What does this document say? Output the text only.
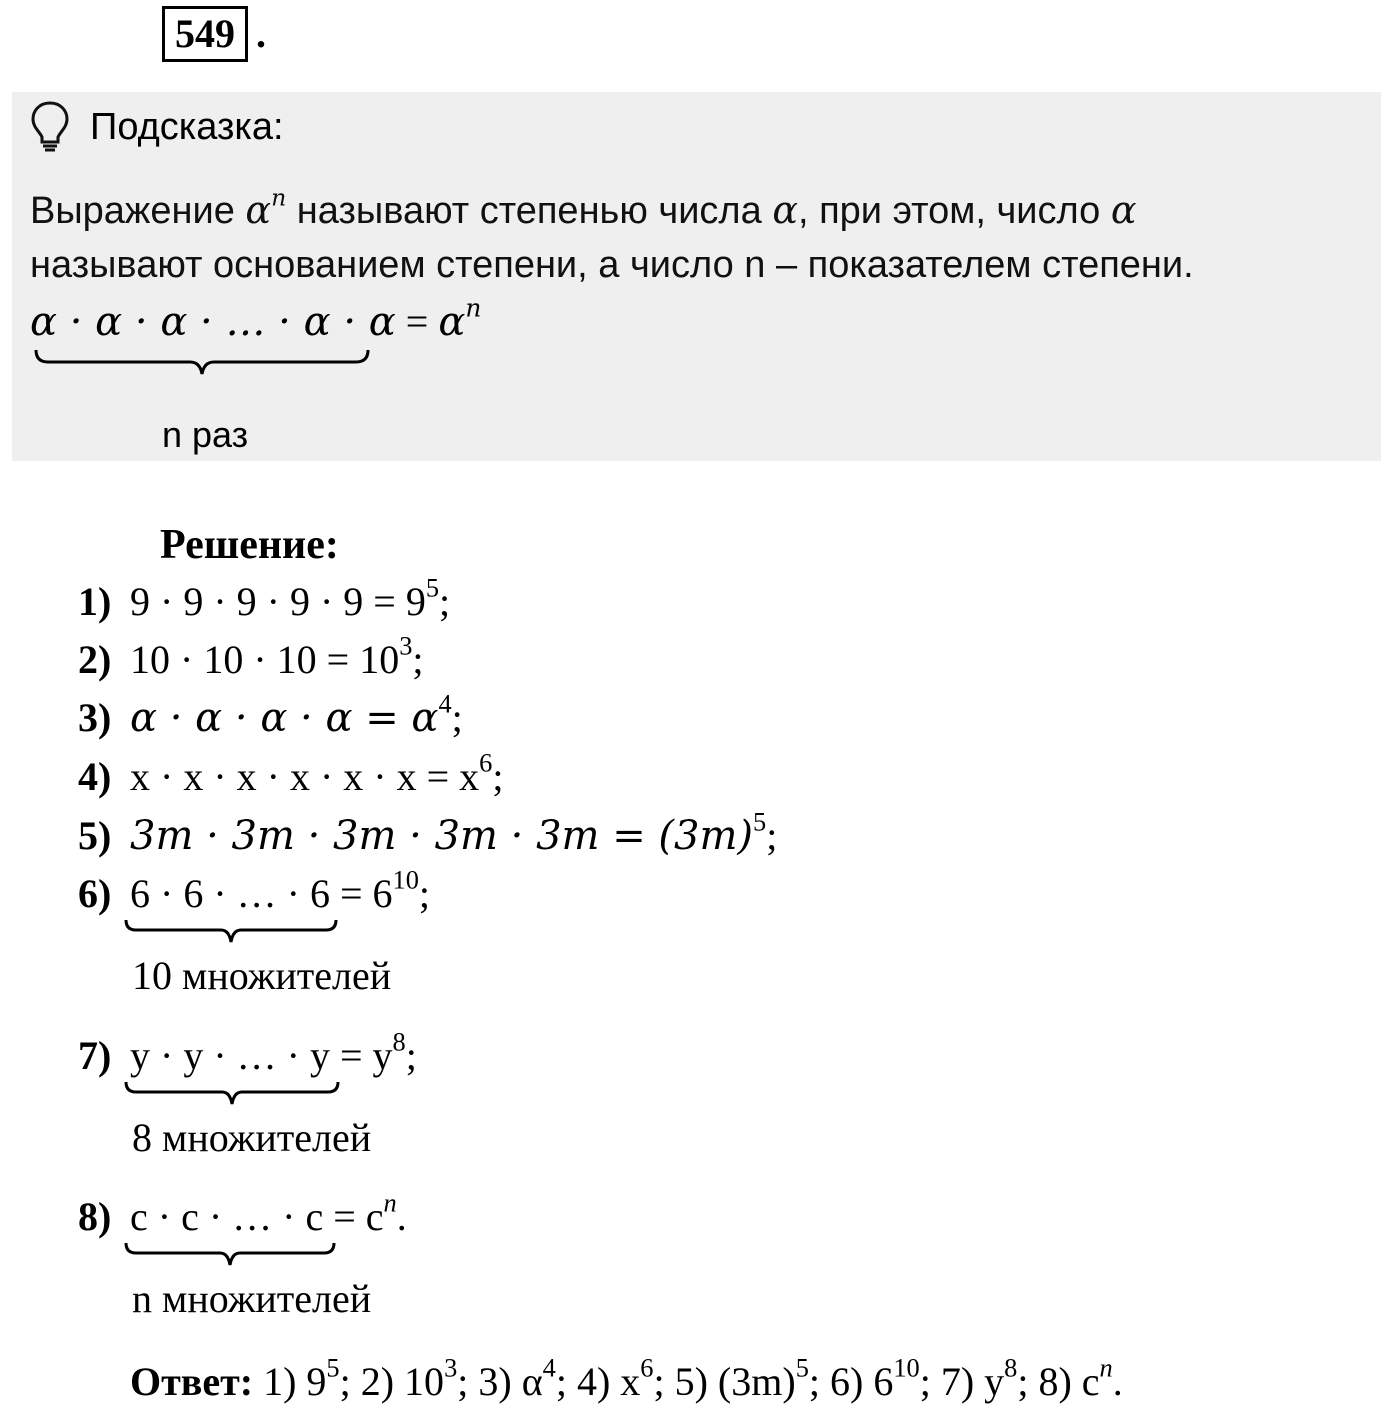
549 .
Подсказка:
Выражение $\alpha^n$ называют степенью числа α, при этом, число α
называют основанием степени, а число n – показателем степени.
α · α · α · … · $\alpha \cdot \alpha = \alpha^n$
n раз
Решение:
1) $9 \cdot 9 \cdot 9 \cdot 9 \cdot 9 = 9^5$;
2) $10 \cdot 10 \cdot 10 = 10^3$;
3) $\alpha \cdot \alpha \cdot \alpha \cdot \alpha = \alpha^4$;
4) $x \cdot x \cdot x \cdot x \cdot x \cdot x = x^6$;
5) $3m \cdot 3m \cdot 3m \cdot 3m \cdot 3m = (3m)^5$;
6) 6 · 6 · … · $6 = 6^{10}$;
10 множителей
7) y · y · … · $y = y^8$;
8 множителей
8) c · c · … · $c = c^n$.
n множителей
Ответ: 1) $9^5$; 2) $10^3$; 3) $\alpha^4$; 4) $x^6$; 5) $(3m)^5$; 6) $6^{10}$; 7) $y^8$; 8) $c^n$.
